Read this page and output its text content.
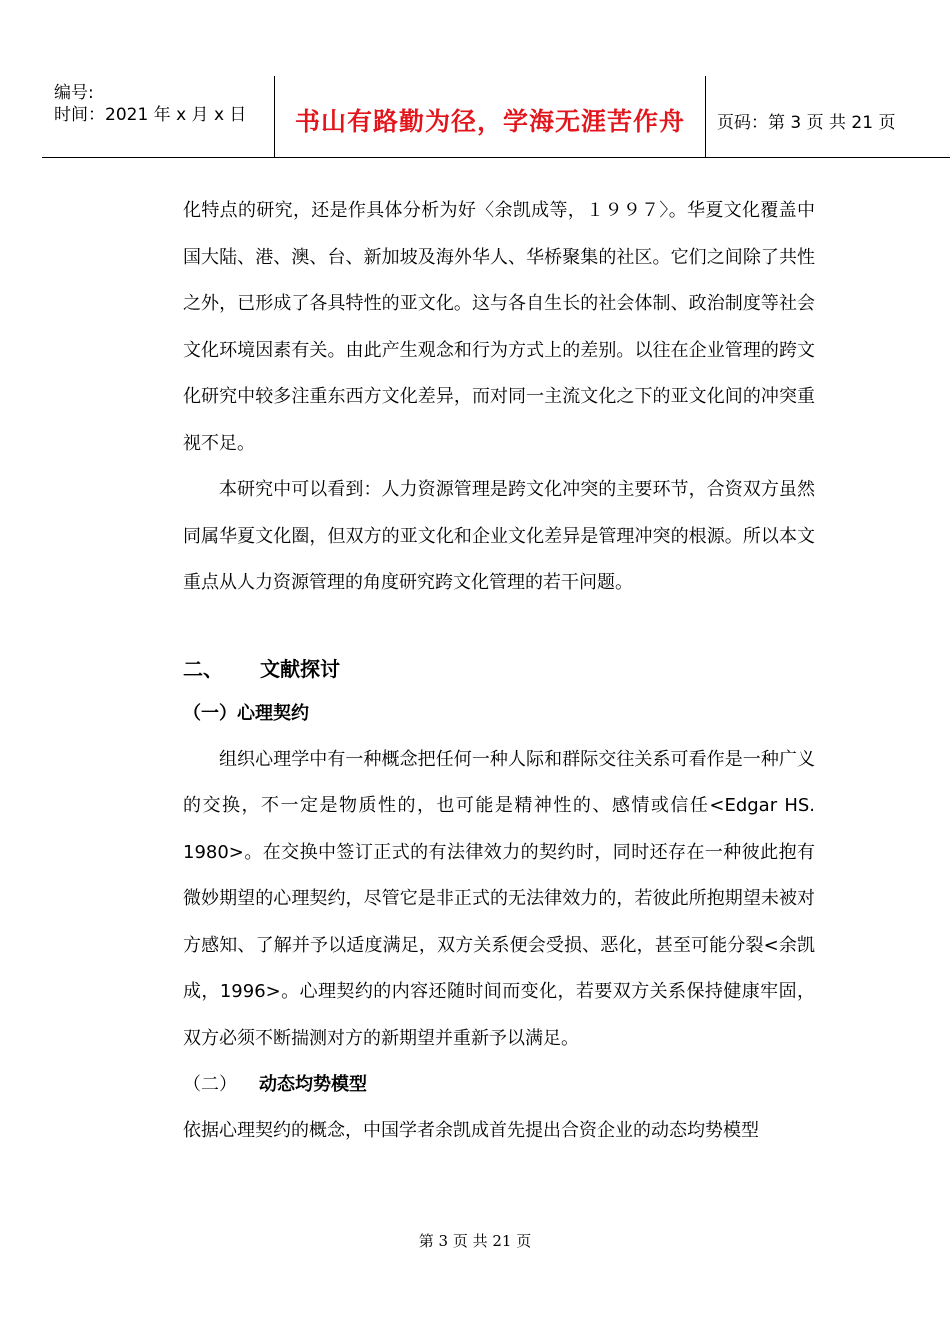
编号:
时间：2021 年 x 月 x 日	书山有路勤为径，学海无涯苦作舟	页码：第 3 页 共 21 页

化特点的研究，还是作具体分析为好〈余凯成等，１９９７〉。华夏文化覆盖中国大陆、港、澳、台、新加坡及海外华人、华桥聚集的社区。它们之间除了共性之外，已形成了各具特性的亚文化。这与各自生长的社会体制、政治制度等社会文化环境因素有关。由此产生观念和行为方式上的差别。以往在企业管理的跨文化研究中较多注重东西方文化差异，而对同一主流文化之下的亚文化间的冲突重视不足。

本研究中可以看到：人力资源管理是跨文化冲突的主要环节，合资双方虽然同属华夏文化圈，但双方的亚文化和企业文化差异是管理冲突的根源。所以本文重点从人力资源管理的角度研究跨文化管理的若干问题。

二、 文献探讨

（一）心理契约

组织心理学中有一种概念把任何一种人际和群际交往关系可看作是一种广义的交换，不一定是物质性的，也可能是精神性的、感情或信任<Edgar HS. 1980>。在交换中签订正式的有法律效力的契约时，同时还存在一种彼此抱有微妙期望的心理契约，尽管它是非正式的无法律效力的，若彼此所抱期望未被对方感知、了解并予以适度满足，双方关系便会受损、恶化，甚至可能分裂<余凯成，1996>。心理契约的内容还随时间而变化，若要双方关系保持健康牢固，双方必须不断揣测对方的新期望并重新予以满足。

（二） 动态均势模型

依据心理契约的概念，中国学者余凯成首先提出合资企业的动态均势模型

第 3 页 共 21 页
